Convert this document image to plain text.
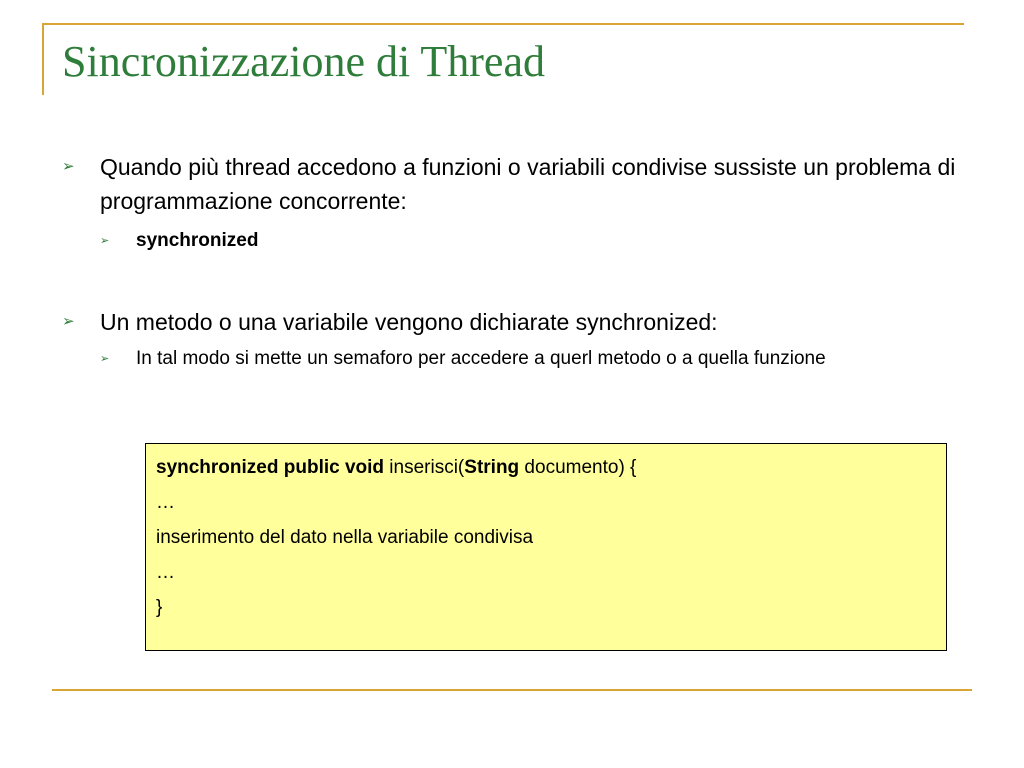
Sincronizzazione di Thread
➢	Quando più thread accedono a funzioni o variabili condivise sussiste un problema di programmazione concorrente:
➢	synchronized
➢	Un metodo o una variabile vengono dichiarate synchronized:
➢	In tal modo si mette un semaforo per accedere a querl metodo o a quella funzione
synchronized public void inserisci(String documento) {
…
inserimento del dato nella variabile condivisa
…
}
